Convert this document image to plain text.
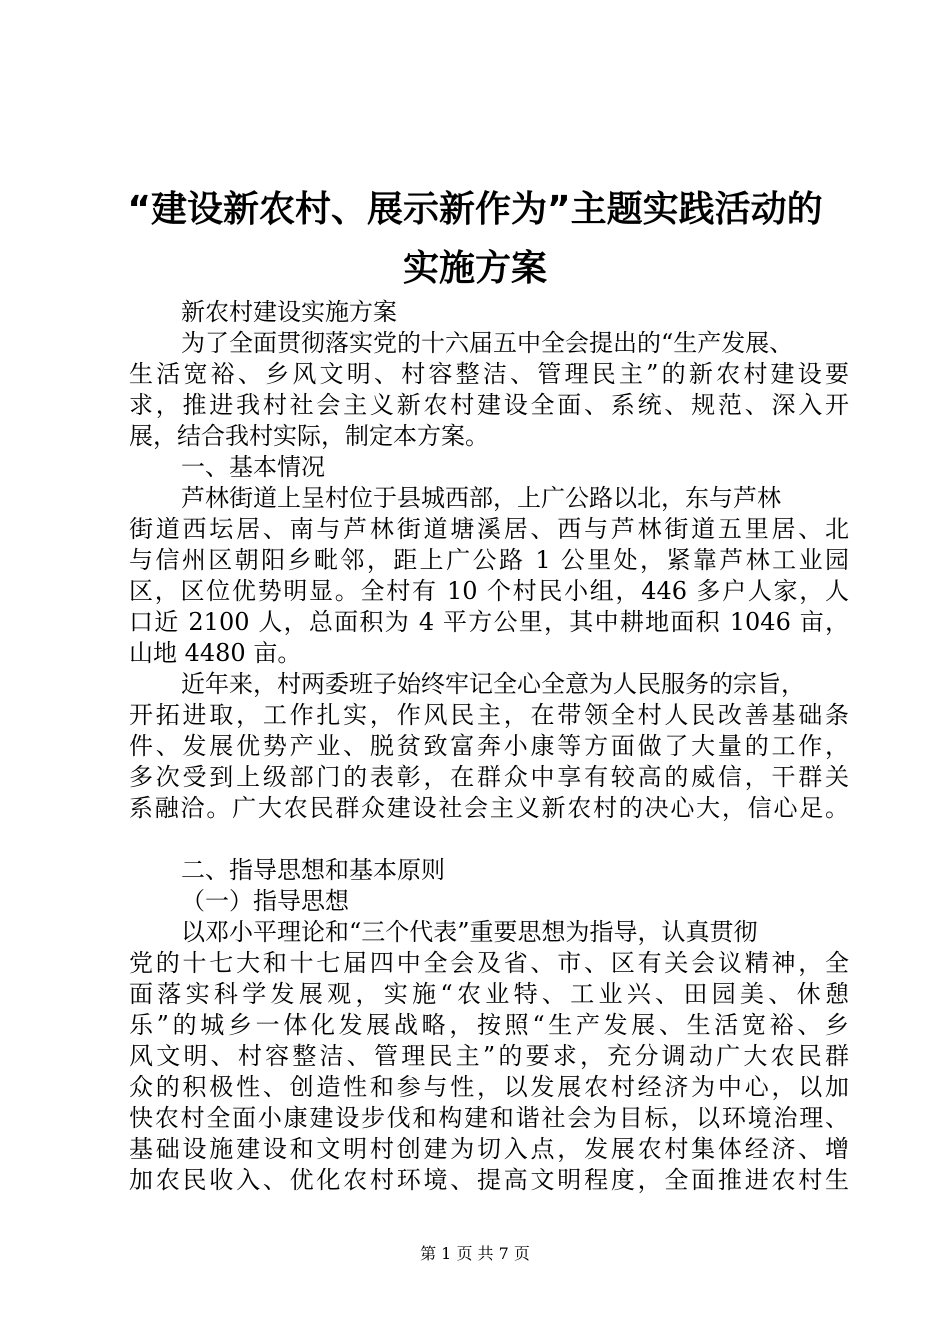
“建设新农村、展示新作为”主题实践活动的
实施方案
新农村建设实施方案
为了全面贯彻落实党的十六届五中全会提出的“生产发展、
生活宽裕、乡风文明、村容整洁、管理民主”的新农村建设要
求，推进我村社会主义新农村建设全面、系统、规范、深入开
展，结合我村实际，制定本方案。
一、基本情况
芦林街道上呈村位于县城西部，上广公路以北，东与芦林
街道西坛居、南与芦林街道塘溪居、西与芦林街道五里居、北
与信州区朝阳乡毗邻，距上广公路 1 公里处，紧靠芦林工业园
区，区位优势明显。全村有 10 个村民小组，446 多户人家，人
口近 2100 人，总面积为 4 平方公里，其中耕地面积 1046 亩，
山地 4480 亩。
近年来，村两委班子始终牢记全心全意为人民服务的宗旨，
开拓进取，工作扎实，作风民主，在带领全村人民改善基础条
件、发展优势产业、脱贫致富奔小康等方面做了大量的工作，
多次受到上级部门的表彰，在群众中享有较高的威信，干群关
系融洽。广大农民群众建设社会主义新农村的决心大，信心足。
二、指导思想和基本原则
（一）指导思想
以邓小平理论和“三个代表”重要思想为指导，认真贯彻
党的十七大和十七届四中全会及省、市、区有关会议精神，全
面落实科学发展观，实施“农业特、工业兴、田园美、休憩
乐”的城乡一体化发展战略，按照“生产发展、生活宽裕、乡
风文明、村容整洁、管理民主”的要求，充分调动广大农民群
众的积极性、创造性和参与性，以发展农村经济为中心，以加
快农村全面小康建设步伐和构建和谐社会为目标，以环境治理、
基础设施建设和文明村创建为切入点，发展农村集体经济、增
加农民收入、优化农村环境、提高文明程度，全面推进农村生
第 1 页 共 7 页
